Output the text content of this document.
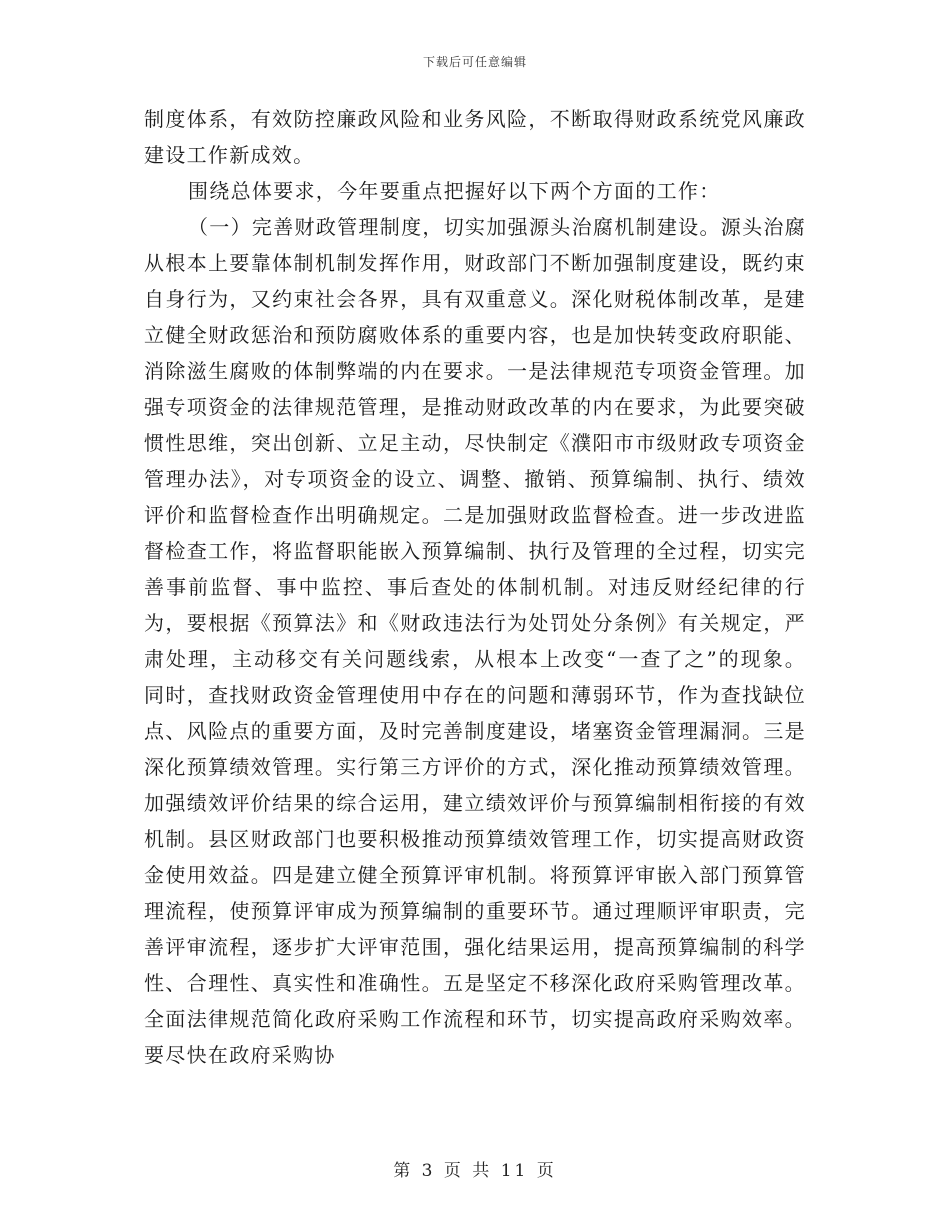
下载后可任意编辑

制度体系，有效防控廉政风险和业务风险，不断取得财政系统党风廉政建设工作新成效。

围绕总体要求，今年要重点把握好以下两个方面的工作：

（一）完善财政管理制度，切实加强源头治腐机制建设。源头治腐从根本上要靠体制机制发挥作用，财政部门不断加强制度建设，既约束自身行为，又约束社会各界，具有双重意义。深化财税体制改革，是建立健全财政惩治和预防腐败体系的重要内容，也是加快转变政府职能、消除滋生腐败的体制弊端的内在要求。一是法律规范专项资金管理。加强专项资金的法律规范管理，是推动财政改革的内在要求，为此要突破惯性思维，突出创新、立足主动，尽快制定《濮阳市市级财政专项资金管理办法》，对专项资金的设立、调整、撤销、预算编制、执行、绩效评价和监督检查作出明确规定。二是加强财政监督检查。进一步改进监督检查工作，将监督职能嵌入预算编制、执行及管理的全过程，切实完善事前监督、事中监控、事后查处的体制机制。对违反财经纪律的行为，要根据《预算法》和《财政违法行为处罚处分条例》有关规定，严肃处理，主动移交有关问题线索，从根本上改变“一查了之”的现象。同时，查找财政资金管理使用中存在的问题和薄弱环节，作为查找缺位点、风险点的重要方面，及时完善制度建设，堵塞资金管理漏洞。三是深化预算绩效管理。实行第三方评价的方式，深化推动预算绩效管理。加强绩效评价结果的综合运用，建立绩效评价与预算编制相衔接的有效机制。县区财政部门也要积极推动预算绩效管理工作，切实提高财政资金使用效益。四是建立健全预算评审机制。将预算评审嵌入部门预算管理流程，使预算评审成为预算编制的重要环节。通过理顺评审职责，完善评审流程，逐步扩大评审范围，强化结果运用，提高预算编制的科学性、合理性、真实性和准确性。五是坚定不移深化政府采购管理改革。全面法律规范简化政府采购工作流程和环节，切实提高政府采购效率。要尽快在政府采购协

第 3 页 共 11 页
